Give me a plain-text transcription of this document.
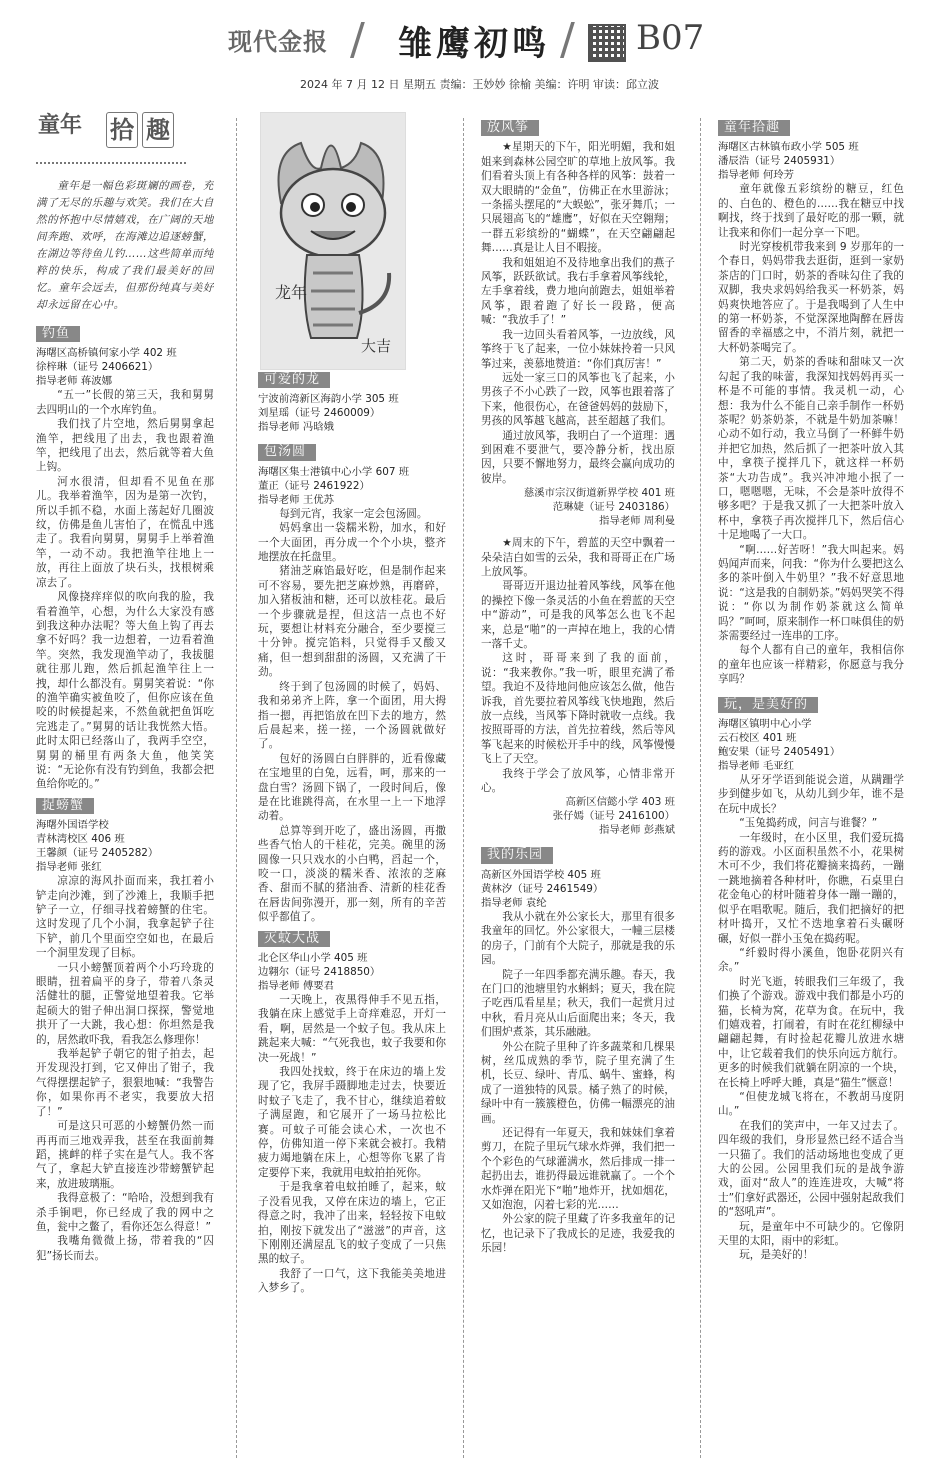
现代金报 / 雏鹰初鸣 / B07
2024 年 7 月 12 日 星期五 责编：王妙妙 徐榆 美编：许明 审读：邱立波
童年 拾 趣

童年是一幅色彩斑斓的画卷，充满了无尽的乐趣与欢笑。我们在大自然的怀抱中尽情嬉戏，在广阔的天地间奔跑、欢呼，在海滩边追逐螃蟹，在湖边等待鱼儿钓……这些简单而纯粹的快乐，构成了我们最美好的回忆。童年会远去，但那份纯真与美好却永远留在心中。

钓鱼
海曙区高桥镇何家小学 402 班
徐梓琳（证号 2406621）
指导老师 蒋波娜

“五一”长假的第三天，我和舅舅去四明山的一个水库钓鱼。

我们找了片空地，然后舅舅拿起渔竿，把线甩了出去，我也跟着渔竿，把线甩了出去，然后就等着大鱼上钩。

河水很清，但却看不见鱼在那儿。我举着渔竿，因为是第一次钓，所以手抓不稳，水面上荡起好几圈波纹，仿佛是鱼儿害怕了，在慌乱中逃走了。我看向舅舅，舅舅手上举着渔竿，一动不动。我把渔竿往地上一放，再往上面放了块石头，找根树乘凉去了。

风像挠痒痒似的吹向我的脸，我看着渔竿，心想，为什么大家没有感到我这种办法呢？等大鱼上钩了再去拿不好吗？我一边想着，一边看着渔竿。突然，我发现渔竿动了，我拔腿就往那儿跑，然后抓起渔竿往上一拽，却什么都没有。舅舅笑着说：“你的渔竿确实被鱼咬了，但你应该在鱼咬的时候提起来，不然鱼就把鱼饵吃完逃走了。”舅舅的话让我恍然大悟。此时太阳已经落山了，我两手空空，舅舅的桶里有两条大鱼，他笑笑说：“无论你有没有钓到鱼，我都会把鱼给你吃的。”

捉螃蟹
海曙外国语学校
青林湾校区 406 班
王馨颜（证号 2405282）
指导老师 张红

凉凉的海风扑面而来，我扛着小铲走向沙滩，到了沙滩上，我顺手把铲子一立，仔细寻找着螃蟹的住宅。这时发现了几个小洞，我拿起铲子往下铲，前几个里面空空如也，在最后一个洞里发现了目标。

一只小螃蟹顶着两个小巧玲珑的眼睛，扭着扁平的身子，带着八条灵活健壮的腿，正警觉地望着我。它举起硕大的钳子伸出洞口探探，警觉地拱开了一大跳，我心想：你坦然是我的，居然敢吓我，看我怎么修理你！

我举起铲子朝它的钳子拍去，起开发现没打到，它又伸出了钳子，我气得摆摆起铲子，狠狠地喊：“我警告你，如果你再不老实，我要放大招了！”

可是这只可恶的小螃蟹仍然一而再再而三地戏弄我，甚至在我面前舞蹈，挑衅的样子实在是气人。我不客气了，拿起大铲直接连沙带螃蟹铲起来，放进玻璃瓶。

我得意极了：“哈哈，没想到我有杀手锏吧，你已经成了我的网中之鱼，瓮中之鳖了，看你还怎么得意！”

我嘴角微微上扬，带着我的“囚犯”扬长而去。

龙年
大吉
可爱的龙
宁波前湾新区海韵小学 305 班
刘星瑶（证号 2460009）
指导老师 冯晗娥
包汤圆
海曙区集士港镇中心小学 607 班
董正（证号 2461922）
指导老师 王优苏

每到元宵，我家一定会包汤圆。

妈妈拿出一袋糯米粉，加水，和好一个大面团，再分成一个个小块，整齐地摆放在托盘里。

猪油芝麻馅最好吃，但是制作起来可不容易，要先把芝麻炒熟，再磨碎，加入猪板油和糖，还可以放桂花。最后一个步骤就是捏，但这洁一点也不好玩，要想让材料充分融合，至少要搅三十分钟。搅完馅料，只觉得手又酸又痛，但一想到甜甜的汤圆，又充满了干劲。

终于到了包汤圆的时候了，妈妈、我和弟弟齐上阵，拿一个面团，用大拇指一摁，再把馅放在凹下去的地方，然后晨起来，搓一搓，一个汤圆就做好了。

包好的汤圆白白胖胖的，近看像藏在宝地里的白兔，远看，呵，那来的一盘白雪？汤圆下锅了，一段时间后，像是在比谁跳得高，在水里一上一下地浮动着。

总算等到开吃了，盛出汤圆，再撒些香气怡人的干桂花，完美。碗里的汤圆像一只只戏水的小白鸭，舀起一个，咬一口，淡淡的糯米香、浓浓的芝麻香、甜而不腻的猪油香、清新的桂花香在唇齿间弥漫开，那一刻，所有的辛苦似乎都值了。

灭蚊大战
北仑区华山小学 405 班
边翱尔（证号 2418850）
指导老师 傅要君

一天晚上，夜黑得伸手不见五指，我躺在床上感觉手上奇痒难忍，开灯一看，啊，居然是一个蚊子包。我从床上跳起来大喊：“气死我也，蚊子我要和你决一死战！”

我四处找蚊，终于在床边的墙上发现了它，我屏手蹑脚地走过去，快要近时蚊子飞走了，我不甘心，继续追着蚊子满屋跑，和它展开了一场马拉松比赛。可蚊子可能会读心术，一次也不停，仿佛知道一停下来就会被打。我精疲力竭地躺在床上，心想等你飞累了肯定要停下来，我就用电蚊拍拍死你。

于是我拿着电蚊拍睡了，起来，蚊子没看见我，又停在床边的墙上，它正得意之时，我冲了出来，轻轻按下电蚊拍，刚按下就发出了“滋滋”的声音，这下刚刚还满屋乱飞的蚊子变成了一只焦黑的蚊子。

我舒了一口气，这下我能美美地进入梦乡了。

放风筝

★星期天的下午，阳光明媚，我和姐姐来到森林公园空旷的草地上放风筝。我们看着头顶上有各种各样的风筝：鼓着一双大眼睛的“金鱼”，仿佛正在水里游泳；一条摇头摆尾的“大蜈蚣”，张牙舞爪；一只展翅高飞的“雄鹰”，好似在天空翱翔；一群五彩缤纷的“蝴蝶”，在天空翩翩起舞……真是让人目不暇接。

我和姐姐迫不及待地拿出我们的燕子风筝，跃跃欲试。我右手拿着风筝线轮，左手拿着线，费力地向前跑去，姐姐举着风筝，跟着跑了好长一段路，便高喊：“我放手了！”

我一边回头看着风筝，一边放线，风筝终于飞了起来，一位小妹妹拎着一只风筝过来，羡慕地赞道：“你们真厉害！”

远处一家三口的风筝也飞了起来，小男孩子不小心跌了一跤，风筝也跟着落了下来，他很伤心，在爸爸妈妈的鼓励下，男孩的风筝越飞越高，甚至超越了我们。

通过放风筝，我明白了一个道理：遇到困难不要泄气，要冷静分析，找出原因，只要不懈地努力，最终会赢向成功的彼岸。

慈溪市宗汉街道新界学校 401 班
范琳婕（证号 2403186）
指导老师 周利曼

★周末的下午，碧蓝的天空中飘着一朵朵洁白如雪的云朵，我和哥哥正在广场上放风筝。

哥哥迈开退边扯着风筝线，风筝在他的操控下像一条灵活的小鱼在碧蓝的天空中“游动”，可是我的风筝怎么也飞不起来，总是“啪”的一声掉在地上，我的心情一落千丈。

这时，哥哥来到了我的面前，说：“我来教你。”我一听，眼里充满了希望。我迫不及待地问他应该怎么做，他告诉我，首先要拉着风筝线飞快地跑，然后放一点线，当风筝下降时就收一点线。我按照哥哥的方法，首先拉着线，然后等风筝飞起来的时候松开手中的线，风筝慢慢飞上了天空。

我终于学会了放风筝，心情非常开心。

高新区信懿小学 403 班
张仔嫣（证号 2416100）
指导老师 彭燕斌
我的乐园
高新区外国语学校 405 班
黄林汐（证号 2461549）
指导老师 袁纶

我从小就在外公家长大，那里有很多我童年的回忆。外公家很大，一幢三层楼的房子，门前有个大院子，那就是我的乐园。

院子一年四季都充满乐趣。春天，我在门口的池塘里钓水蝌蚪；夏天，我在院子吃西瓜看星星；秋天，我们一起赏月过中秋，看月亮从山后面爬出来；冬天，我们围炉煮茶，其乐融融。

外公在院子里种了许多蔬菜和几棵果树，丝瓜成熟的季节，院子里充满了生机，长豆、绿叶、青瓜、蜗牛、蜜蜂，构成了一道独特的风景。橘子熟了的时候，绿叶中有一簇簇橙色，仿佛一幅漂亮的油画。

还记得有一年夏天，我和妹妹们拿着剪刀，在院子里玩气球水炸弹，我们把一个个彩色的气球灌满水，然后排成一排一起扔出去，谁扔得最远谁就赢了。一个个水炸弹在阳光下“啪”地炸开，扰如烟花，又如泡泡，闪着七彩的光……

外公家的院子里藏了许多我童年的记忆，也记录下了我成长的足迹，我爱我的乐园！

童年拾趣
海曙区古林镇布政小学 505 班
潘辰浩（证号 2405931）
指导老师 何玲芳

童年就像五彩缤纷的糖豆，红色的、白色的、橙色的……我在糖豆中找啊找，终于找到了最好吃的那一颗，就让我来和你们一起分享一下吧。

时光穿梭机带我来到 9 岁那年的一个春日，妈妈带我去逛街，逛到一家奶茶店的门口时，奶茶的香味勾住了我的双脚，我央求妈妈给我买一杯奶茶，妈妈爽快地答应了。于是我喝到了人生中的第一杯奶茶，不觉深深地陶醉在唇齿留香的幸福感之中，不消片刻，就把一大杯奶茶喝完了。

第二天，奶茶的香味和甜味又一次勾起了我的味蕾，我深知找妈妈再买一杯是不可能的事情。我灵机一动，心想：我为什么不能自己亲手制作一杯奶茶呢？奶茶奶茶，不就是牛奶加茶嘛！心动不如行动，我立马倒了一杯鲜牛奶并把它加热，然后抓了一把茶叶放入其中，拿筷子搅拌几下，就这样一杯奶茶“大功告成”。我兴冲冲地小抿了一口，嗯嗯嗯，无味，不会是茶叶放得不够多吧？于是我又抓了一大把茶叶放入杯中，拿筷子再次搅拌几下，然后信心十足地喝了一大口。

“啊……好苦呀！”我大叫起来。妈妈闻声而来，问我：“你为什么要把这么多的茶叶倒入牛奶里？”我不好意思地说：“这是我的自制奶茶。”妈妈哭笑不得说：“你以为制作奶茶就这么简单吗？”呵呵，原来制作一杯口味俱佳的奶茶需要经过一连串的工序。

每个人都有自己的童年，我相信你的童年也应该一样精彩，你愿意与我分享吗？

玩，是美好的
海曙区镇明中心小学
云石校区 401 班
鲍安果（证号 2405491）
指导老师 毛亚红

从牙牙学语到能说会道，从蹒跚学步到健步如飞，从幼儿到少年，谁不是在玩中成长？

“玉兔捣药成，问言与谁餐？”

一年级时，在小区里，我们爱玩捣药的游戏。小区面积虽然不小，花果树木可不少，我们将花瓣摘来捣药，一蹦一跳地摘着各种材叶，你瞧，石桌里白花金龟心的材叶随着身体一蹦一蹦的，似乎在唱歌呢。随后，我们把摘好的把材叶捣开，又忙不迭地拿着石头碾呀碾，好似一群小玉兔在捣药呢。

“纤毅时得小溪鱼，饱卧花阴兴有余。”

时光飞逝，转眼我们三年级了，我们换了个游戏。游戏中我们都是小巧的猫，长椅为窝，花草为食。在玩中，我们嬉戏着，打闹着，有时在花红柳绿中翩翩起舞，有时捡起花瓣儿放进水塘中，让它载着我们的快乐向远方航行。更多的时候我们就躺在阴凉的一个块，在长椅上呼呼大睡，真是“猫生”惬意！

“但使龙城飞将在，不教胡马度阴山。”

在我们的笑声中，一年又过去了。四年级的我们，身形显然已经不适合当一只猫了。我们的活动场地也变成了更大的公园。公园里我们玩的是战争游戏，面对“敌人”的连连进攻，大喊“将士”们拿好武器还，公园中强射起敌我们的“怒吼声”。

玩，是童年中不可缺少的。它像阴天里的太阳，雨中的彩虹。

玩，是美好的！
